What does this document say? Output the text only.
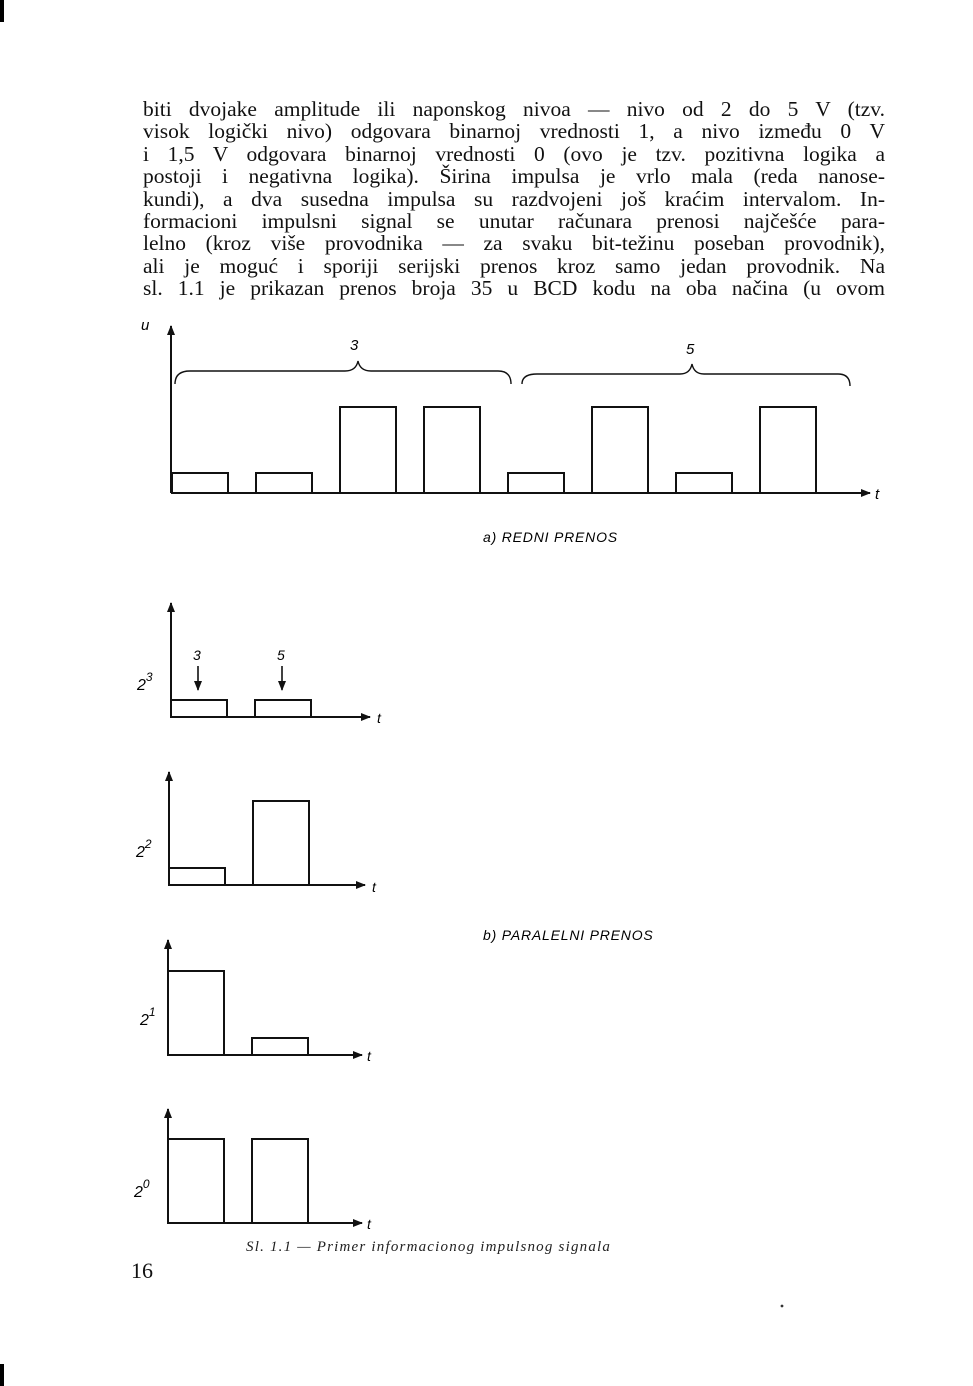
biti dvojake amplitude ili naponskog nivoa — nivo od 2 do 5 V (tzv.
visok logički nivo) odgovara binarnoj vrednosti 1, a nivo između 0 V
i 1,5 V odgovara binarnoj vrednosti 0 (ovo je tzv. pozitivna logika a
postoji i negativna logika). Širina impulsa je vrlo mala (reda nanose-
kundi), a dva susedna impulsa su razdvojeni još kraćim intervalom. In-
formacioni impulsni signal se unutar računara prenosi najčešće para-
lelno (kroz više provodnika — za svaku bit-težinu poseban provodnik),
ali je moguć i sporiji serijski prenos kroz samo jedan provodnik. Na
sl. 1.1 je prikazan prenos broja 35 u BCD kodu na oba načina (u ovom
u
t
3	5
a) REDNI PRENOS
t
$2^3$
3	5
t
$2^2$
b) PARALELNI PRENOS
t
$2^1$
t
$2^0$
Sl. 1.1 — Primer informacionog impulsnog signala
16
